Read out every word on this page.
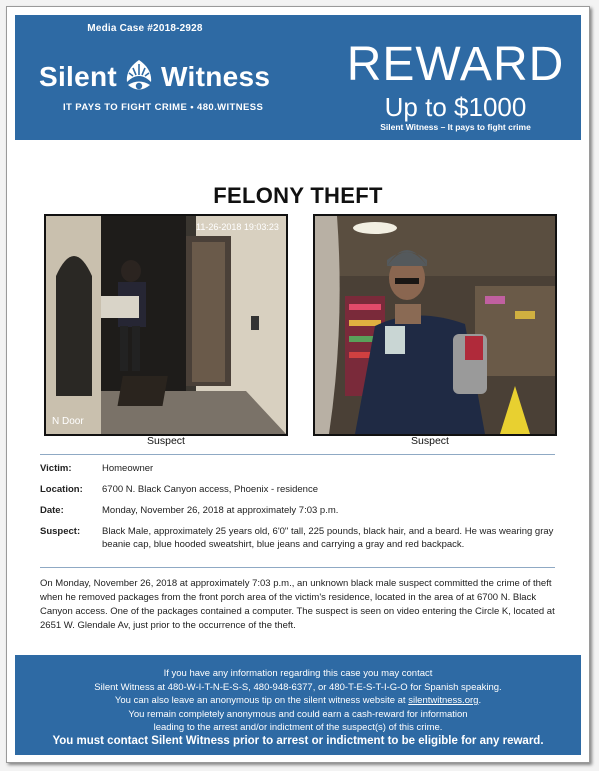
Media Case #2018-2928
Silent Witness
IT PAYS TO FIGHT CRIME • 480.WITNESS
REWARD
Up to $1000
Silent Witness – It pays to fight crime
FELONY THEFT
11-26-2018 19:03:23
N Door
Suspect	Suspect
Victim:	Homeowner
Location:	6700 N. Black Canyon access, Phoenix - residence
Date:	Monday, November 26, 2018 at approximately 7:03 p.m.
Suspect:	Black Male, approximately 25 years old, 6'0" tall, 225 pounds, black hair, and a beard. He was wearing gray beanie cap, blue hooded sweatshirt, blue jeans and carrying a gray and red backpack.
On Monday, November 26, 2018 at approximately 7:03 p.m., an unknown black male suspect committed the crime of theft when he removed packages from the front porch area of the victim's residence, located in the area of at 6700 N. Black Canyon access. One of the packages contained a computer. The suspect is seen on video entering the Circle K, located at 2651 W. Glendale Av, just prior to the occurrence of the theft.
If you have any information regarding this case you may contact
Silent Witness at 480-W-I-T-N-E-S-S, 480-948-6377, or 480-T-E-S-T-I-G-O for Spanish speaking.
You can also leave an anonymous tip on the silent witness website at silentwitness.org.
You remain completely anonymous and could earn a cash-reward for information
leading to the arrest and/or indictment of the suspect(s) of this crime.
You must contact Silent Witness prior to arrest or indictment to be eligible for any reward.
